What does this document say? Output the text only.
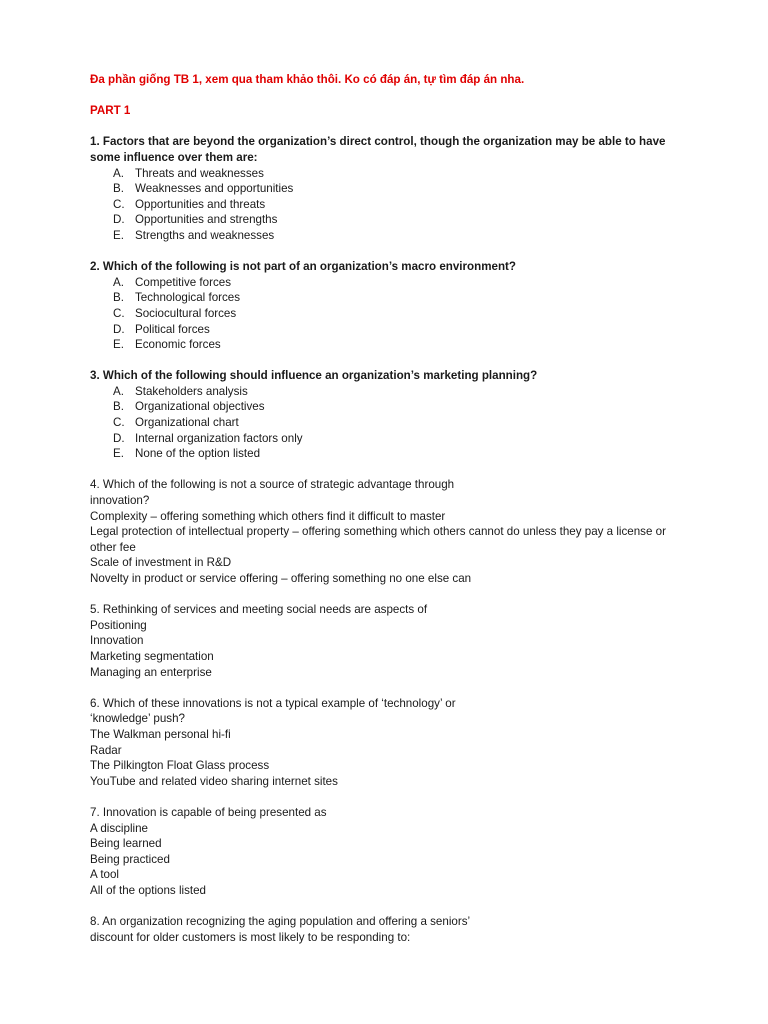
Đa phần giống TB 1, xem qua tham khảo thôi. Ko có đáp án, tự tìm đáp án nha.

PART 1

1. Factors that are beyond the organization’s direct control, though the organization may be able to have some influence over them are:

A. Threats and weaknesses
B. Weaknesses and opportunities
C. Opportunities and threats
D. Opportunities and strengths
E. Strengths and weaknesses

2. Which of the following is not part of an organization’s macro environment?

A. Competitive forces
B. Technological forces
C. Sociocultural forces
D. Political forces
E. Economic forces

3. Which of the following should influence an organization’s marketing planning?

A. Stakeholders analysis
B. Organizational objectives
C. Organizational chart
D. Internal organization factors only
E. None of the option listed

4. Which of the following is not a source of strategic advantage through

innovation?

Complexity – offering something which others find it difficult to master

Legal protection of intellectual property – offering something which others cannot do unless they pay a license or other fee

Scale of investment in R&D

Novelty in product or service offering – offering something no one else can

5. Rethinking of services and meeting social needs are aspects of

Positioning

Innovation

Marketing segmentation

Managing an enterprise

6. Which of these innovations is not a typical example of ‘technology’ or

‘knowledge’ push?

The Walkman personal hi-fi

Radar

The Pilkington Float Glass process

YouTube and related video sharing internet sites

7. Innovation is capable of being presented as

A discipline

Being learned

Being practiced

A tool

All of the options listed

8. An organization recognizing the aging population and offering a seniors’

discount for older customers is most likely to be responding to:
